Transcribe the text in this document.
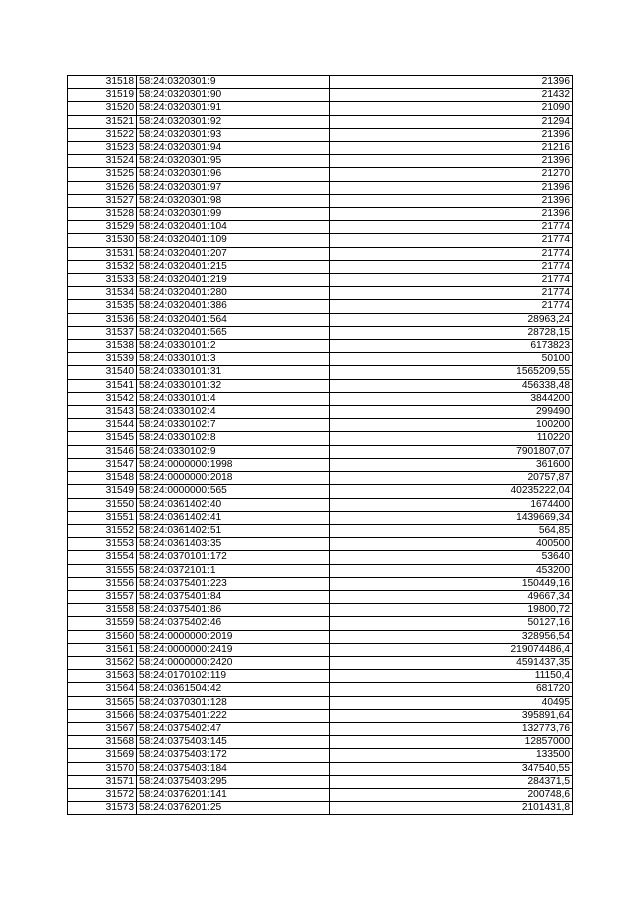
31518	58:24:0320301:9	21396
31519	58:24:0320301:90	21432
31520	58:24:0320301:91	21090
31521	58:24:0320301:92	21294
31522	58:24:0320301:93	21396
31523	58:24:0320301:94	21216
31524	58:24:0320301:95	21396
31525	58:24:0320301:96	21270
31526	58:24:0320301:97	21396
31527	58:24:0320301:98	21396
31528	58:24:0320301:99	21396
31529	58:24:0320401:104	21774
31530	58:24:0320401:109	21774
31531	58:24:0320401:207	21774
31532	58:24:0320401:215	21774
31533	58:24:0320401:219	21774
31534	58:24:0320401:280	21774
31535	58:24:0320401:386	21774
31536	58:24:0320401:564	28963,24
31537	58:24:0320401:565	28728,15
31538	58:24:0330101:2	6173823
31539	58:24:0330101:3	50100
31540	58:24:0330101:31	1565209,55
31541	58:24:0330101:32	456338,48
31542	58:24:0330101:4	3844200
31543	58:24:0330102:4	299490
31544	58:24:0330102:7	100200
31545	58:24:0330102:8	110220
31546	58:24:0330102:9	7901807,07
31547	58:24:0000000:1998	361600
31548	58:24:0000000:2018	20757,87
31549	58:24:0000000:565	40235222,04
31550	58:24:0361402:40	1674400
31551	58:24:0361402:41	1439669,34
31552	58:24:0361402:51	564,85
31553	58:24:0361403:35	400500
31554	58:24:0370101:172	53640
31555	58:24:0372101:1	453200
31556	58:24:0375401:223	150449,16
31557	58:24:0375401:84	49667,34
31558	58:24:0375401:86	19800,72
31559	58:24:0375402:46	50127,16
31560	58:24:0000000:2019	328956,54
31561	58:24:0000000:2419	219074486,4
31562	58:24:0000000:2420	4591437,35
31563	58:24:0170102:119	11150,4
31564	58:24:0361504:42	681720
31565	58:24:0370301:128	40495
31566	58:24:0375401:222	395891,64
31567	58:24:0375402:47	132773,76
31568	58:24:0375403:145	12857000
31569	58:24:0375403:172	133500
31570	58:24:0375403:184	347540,55
31571	58:24:0375403:295	284371,5
31572	58:24:0376201:141	200748,6
31573	58:24:0376201:25	2101431,8
